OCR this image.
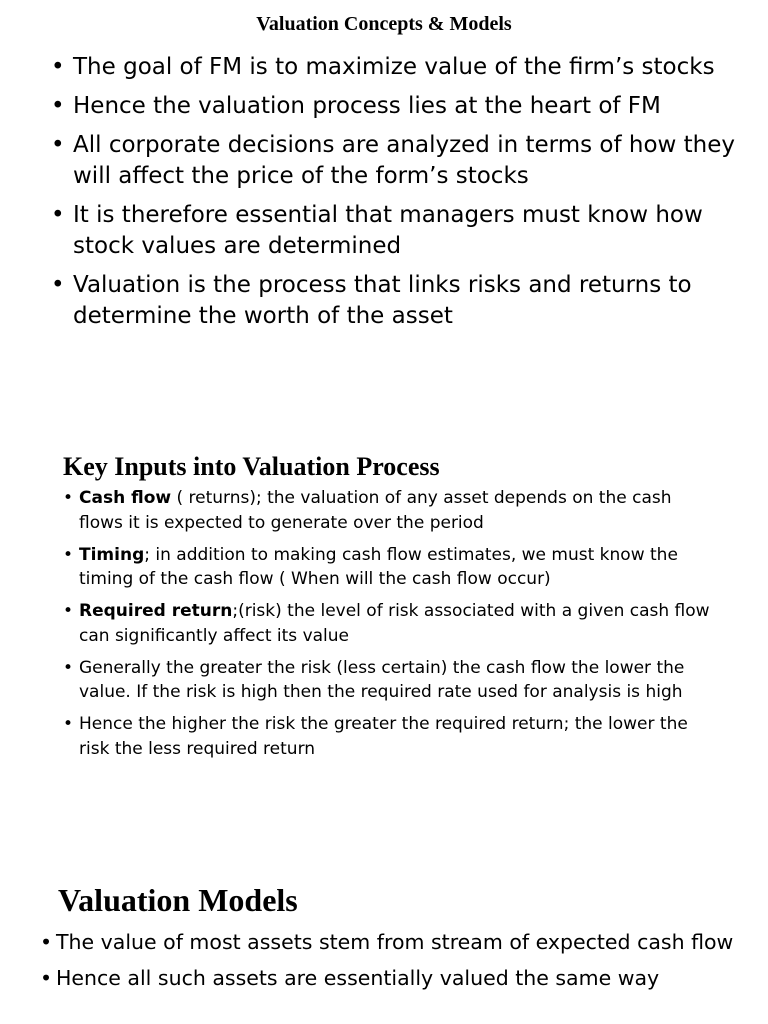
Valuation Concepts & Models
• The goal of FM is to maximize value of the firm’s stocks
• Hence the valuation process lies at the heart of FM
• All corporate decisions are analyzed in terms of how they will affect the price of the form’s stocks
• It is therefore essential that managers must know how stock values are determined
• Valuation is the process that links risks and returns to determine the worth of the asset
Key Inputs into Valuation Process
• Cash flow ( returns); the valuation of any asset depends on the cash flows it is expected to generate over the period
• Timing; in addition to making cash flow estimates, we must know the timing of the cash flow ( When will the cash flow occur)
• Required return;(risk) the level of risk associated with a given cash flow can significantly affect its value
• Generally the greater the risk (less certain) the cash flow the lower the value. If the risk is high then the required rate used for analysis is high
• Hence the higher the risk the greater the required return; the lower the risk the less required return
Valuation Models
• The value of most assets stem from stream of expected cash flow
• Hence all such assets are essentially valued the same way
